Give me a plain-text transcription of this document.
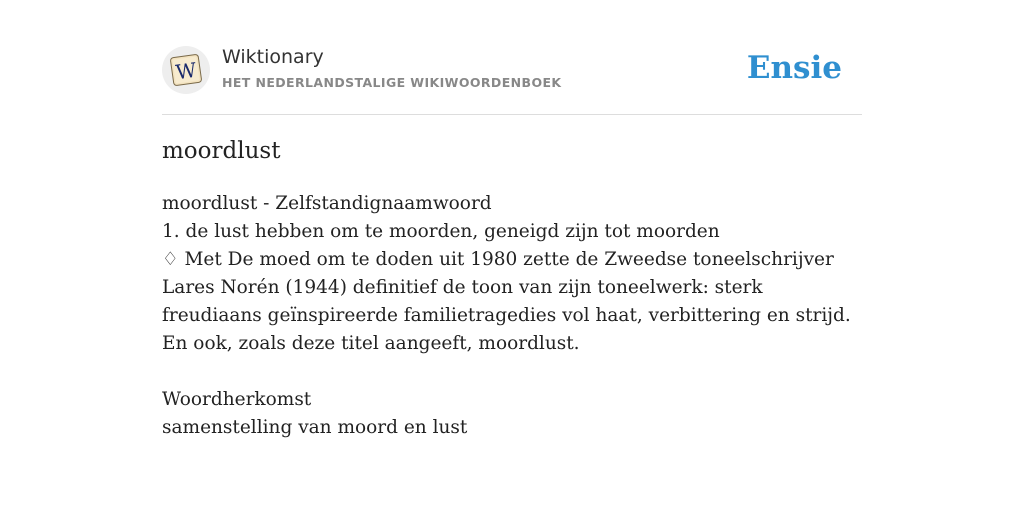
W
Wiktionary
HET NEDERLANDSTALIGE WIKIWOORDENBOEK	Ensie
moordlust

moordlust - Zelfstandignaamwoord

1. de lust hebben om te moorden, geneigd zijn tot moorden

♢ Met De moed om te doden uit 1980 zette de Zweedse toneelschrijver Lares Norén (1944) definitief de toon van zijn toneelwerk: sterk freudiaans geïnspireerde familietragedies vol haat, verbittering en strijd. En ook, zoals deze titel aangeeft, moordlust.

Woordherkomst

samenstelling van moord en lust
